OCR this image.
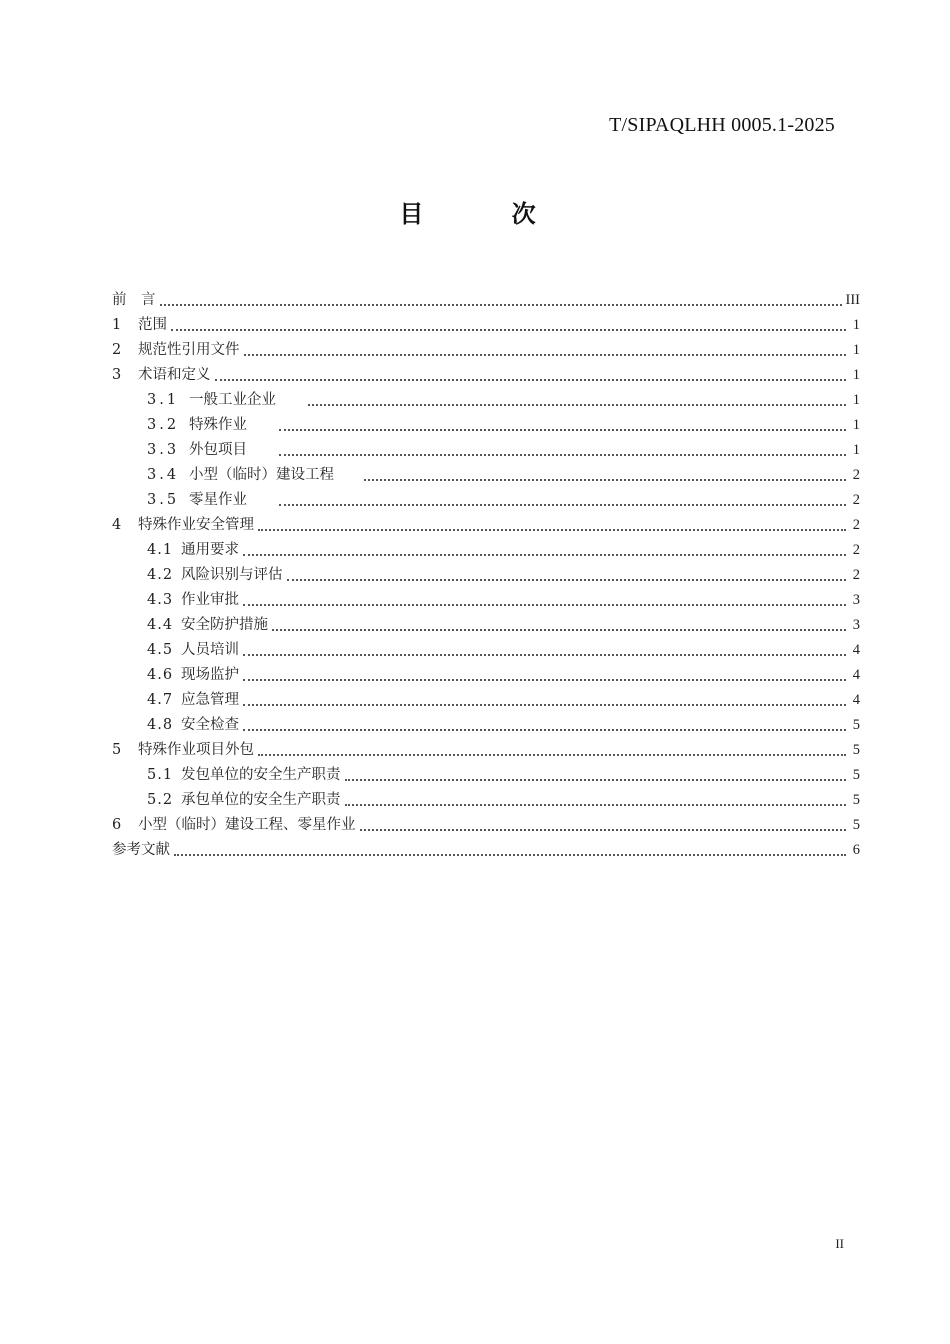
T/SIPAQLHH 0005.1-2025
目 次
前　言	III
1	范围	1
2	规范性引用文件	1
3	术语和定义	1
3.1 一般工业企业	1
3.2 特殊作业	1
3.3 外包项目	1
3.4 小型（临时）建设工程	2
3.5 零星作业	2
4	特殊作业安全管理	2
4.1 通用要求	2
4.2 风险识别与评估	2
4.3 作业审批	3
4.4 安全防护措施	3
4.5 人员培训	4
4.6 现场监护	4
4.7 应急管理	4
4.8 安全检查	5
5	特殊作业项目外包	5
5.1 发包单位的安全生产职责	5
5.2 承包单位的安全生产职责	5
6	小型（临时）建设工程、零星作业	5
参考文献	6
II
